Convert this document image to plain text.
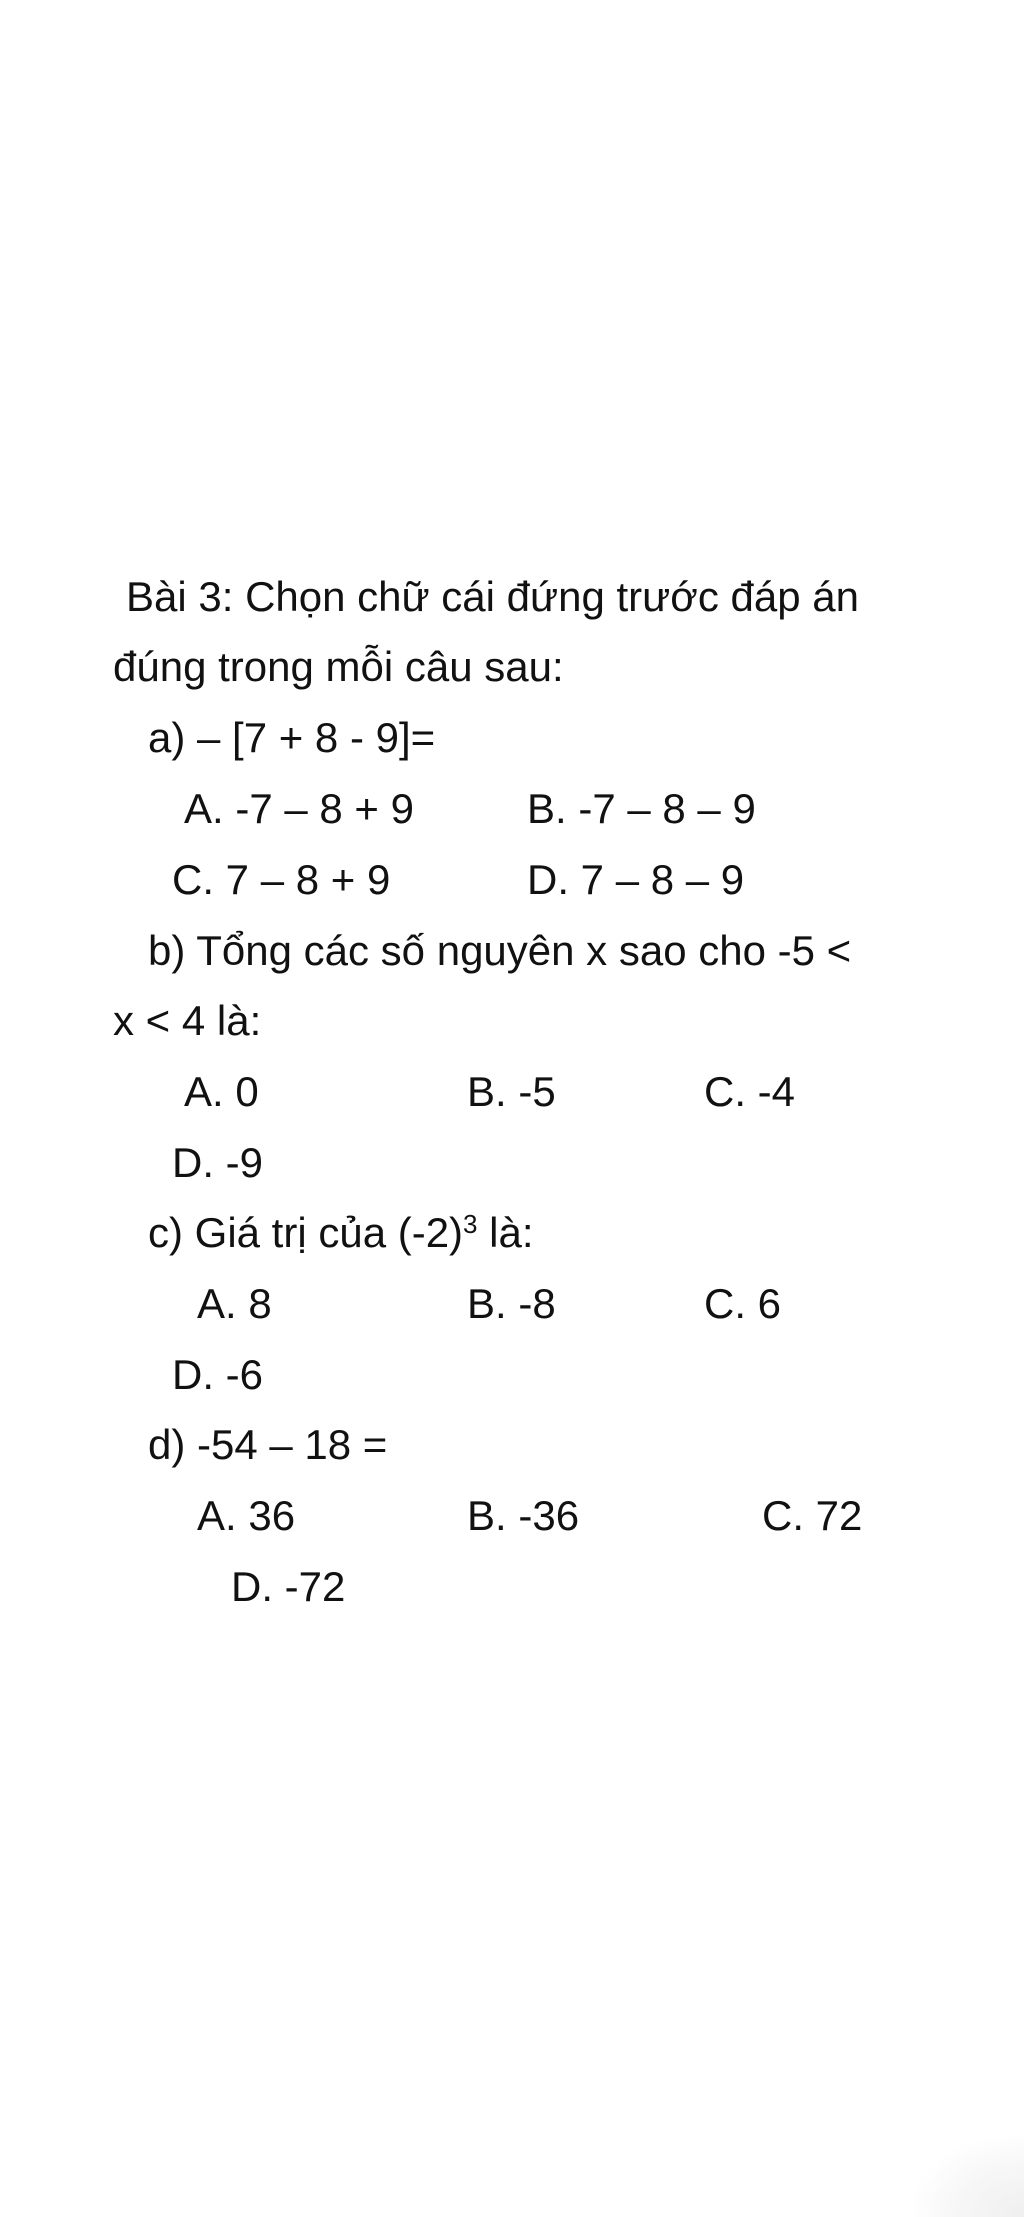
Bài 3: Chọn chữ cái đứng trước đáp án
đúng trong mỗi câu sau:
a) – [7 + 8 - 9]=
A. -7 – 8 + 9	B. -7 – 8 – 9
C. 7 – 8 + 9	D. 7 – 8 – 9
b) Tổng các số nguyên x sao cho -5 <
x < 4 là:
A. 0	B. -5	C. -4
D. -9
c) Giá trị của $(-2)^3$ là:
A. 8	B. -8	C. 6
D. -6
d) -54 – 18 =
A. 36	B. -36	C. 72
D. -72
